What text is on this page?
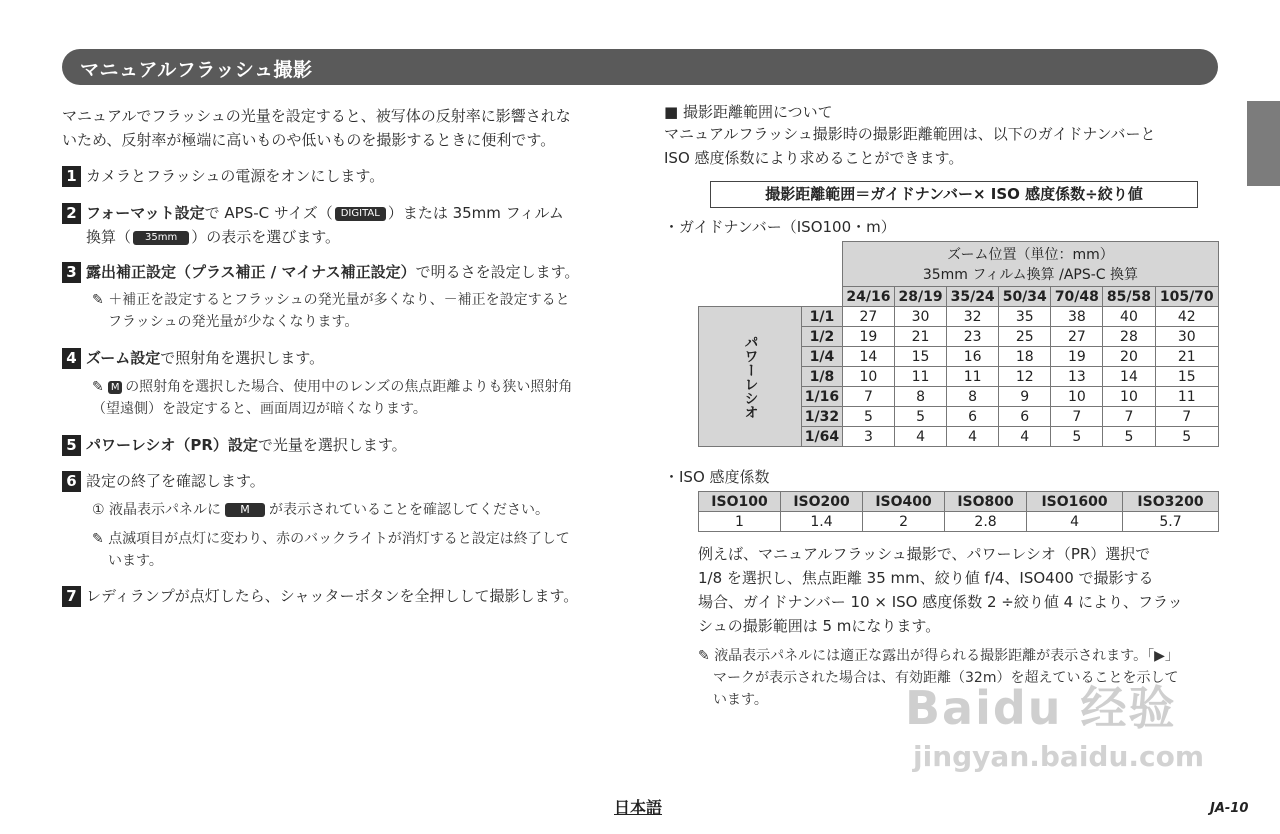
マニュアルフラッシュ撮影
マニュアルでフラッシュの光量を設定すると、被写体の反射率に影響されな
いため、反射率が極端に高いものや低いものを撮影するときに便利です。
1 カメラとフラッシュの電源をオンにします。
2 フォーマット設定で APS-C サイズ（ DIGITAL ）または 35mm フィルム
換算（ 35mm ）の表示を選びます。
3 露出補正設定（プラス補正 / マイナス補正設定）で明るさを設定します。
✎ ＋補正を設定するとフラッシュの発光量が多くなり、－補正を設定すると
フラッシュの発光量が少なくなります。
4 ズーム設定で照射角を選択します。
✎ M の照射角を選択した場合、使用中のレンズの焦点距離よりも狭い照射角
（望遠側）を設定すると、画面周辺が暗くなります。
5 パワーレシオ（PR）設定で光量を選択します。
6 設定の終了を確認します。
① 液晶表示パネルに M が表示されていることを確認してください。
✎ 点滅項目が点灯に変わり、赤のバックライトが消灯すると設定は終了して
います。
7 レディランプが点灯したら、シャッターボタンを全押しして撮影します。
■ 撮影距離範囲について
マニュアルフラッシュ撮影時の撮影距離範囲は、以下のガイドナンバーと
ISO 感度係数により求めることができます。
撮影距離範囲＝ガイドナンバー× ISO 感度係数÷絞り値
・ガイドナンバー（ISO100・m）

		ズーム位置（単位：mm）
35mm フィルム換算 /APS-C 換算						

		24/16	28/19	35/24	50/34	70/48	85/58	105/70
パワーレシオ	1/1	27	30	32	35	38	40	42
	1/2	19	21	23	25	27	28	30
	1/4	14	15	16	18	19	20	21
	1/8	10	11	11	12	13	14	15
	1/16	7	8	8	9	10	10	11
	1/32	5	5	6	6	7	7	7
	1/64	3	4	4	4	5	5	5
・ISO 感度係数
ISO100	ISO200	ISO400	ISO800	ISO1600	ISO3200
1	1.4	2	2.8	4	5.7
例えば、マニュアルフラッシュ撮影で、パワーレシオ（PR）選択で
1/8 を選択し、焦点距離 35 mm、絞り値 f/4、ISO400 で撮影する
場合、ガイドナンバー 10 × ISO 感度係数 2 ÷絞り値 4 により、フラッ
シュの撮影範囲は 5 mになります。
✎ 液晶表示パネルには適正な露出が得られる撮影距離が表示されます。「▶」
マークが表示された場合は、有効距離（32m）を超えていることを示して
います。	Baidu 经验
jingyan.baidu.com
日本語	JA-10
